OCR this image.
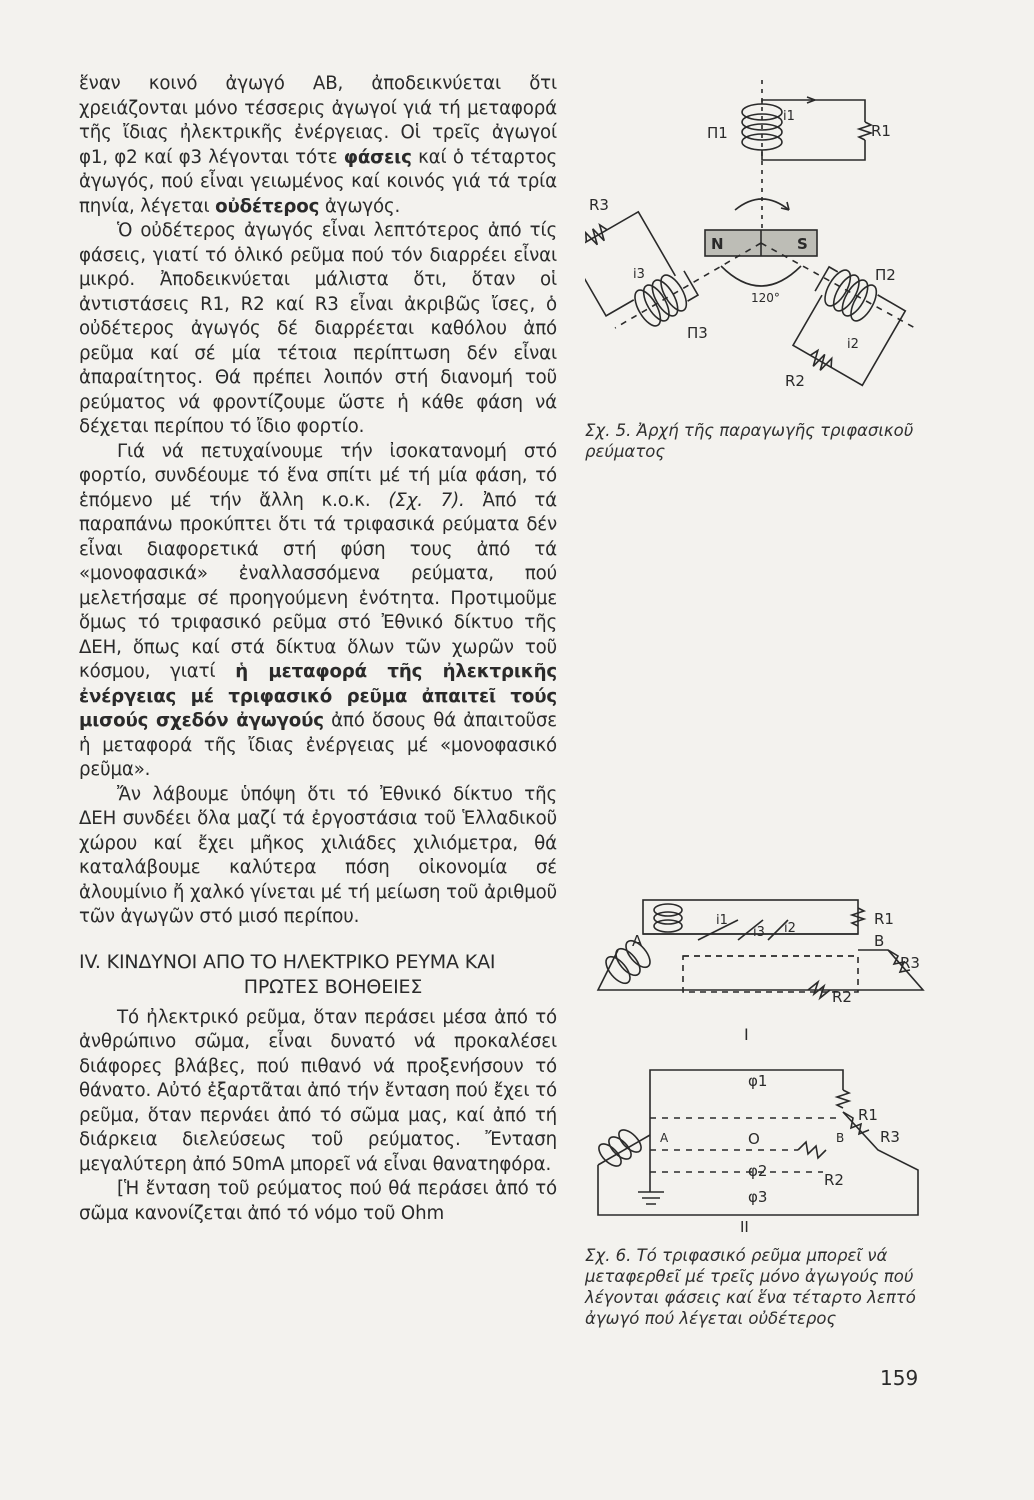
ἕναν κοινό ἀγωγό ΑΒ, ἀποδεικνύεται ὅτι χρειάζονται μόνο τέσσερις ἀγωγοί γιά τή μεταφορά τῆς ἴδιας ἠλεκτρικῆς ἐνέργειας. Οἱ τρεῖς ἀγωγοί φ1, φ2 καί φ3 λέγονται τότε φάσεις καί ὁ τέταρτος ἀγωγός, πού εἶναι γειωμένος καί κοινός γιά τά τρία πηνία, λέγεται οὐδέτερος ἀγωγός.

Ὁ οὐδέτερος ἀγωγός εἶναι λεπτότερος ἀπό τίς φάσεις, γιατί τό ὁλικό ρεῦμα πού τόν διαρρέει εἶναι μικρό. Ἀποδεικνύεται μάλιστα ὅτι, ὅταν οἱ ἀντιστάσεις R1, R2 καί R3 εἶναι ἀκριβῶς ἴσες, ὁ οὐδέτερος ἀγωγός δέ διαρρέεται καθόλου ἀπό ρεῦμα καί σέ μία τέτοια περίπτωση δέν εἶναι ἀπαραίτητος. Θά πρέπει λοιπόν στή διανομή τοῦ ρεύματος νά φροντίζουμε ὥστε ἡ κάθε φάση νά δέχεται περίπου τό ἴδιο φορτίο.

Γιά νά πετυχαίνουμε τήν ἰσοκατανομή στό φορτίο, συνδέουμε τό ἕνα σπίτι μέ τή μία φάση, τό ἑπόμενο μέ τήν ἄλλη κ.ο.κ. (Σχ. 7). Ἀπό τά παραπάνω προκύπτει ὅτι τά τριφασικά ρεύματα δέν εἶναι διαφορετικά στή φύση τους ἀπό τά «μονοφασικά» ἐναλλασσόμενα ρεύματα, πού μελετήσαμε σέ προηγούμενη ἑνότητα. Προτιμοῦμε ὅμως τό τριφασικό ρεῦμα στό Ἐθνικό δίκτυο τῆς ΔΕΗ, ὅπως καί στά δίκτυα ὅλων τῶν χωρῶν τοῦ κόσμου, γιατί ἡ μεταφορά τῆς ἠλεκτρικῆς ἐνέργειας μέ τριφασικό ρεῦμα ἀπαιτεῖ τούς μισούς σχεδόν ἀγωγούς ἀπό ὅσους θά ἀπαιτοῦσε ἡ μεταφορά τῆς ἴδιας ἐνέργειας μέ «μονοφασικό ρεῦμα».

Ἄν λάβουμε ὑπόψη ὅτι τό Ἐθνικό δίκτυο τῆς ΔΕΗ συνδέει ὅλα μαζί τά ἐργοστάσια τοῦ Ἑλλαδικοῦ χώρου καί ἔχει μῆκος χιλιάδες χιλιόμετρα, θά καταλάβουμε καλύτερα πόση οἰκονομία σέ ἀλουμίνιο ἤ χαλκό γίνεται μέ τή μείωση τοῦ ἀριθμοῦ τῶν ἀγωγῶν στό μισό περίπου.

IV. ΚΙΝΔΥΝΟΙ ΑΠΟ ΤΟ ΗΛΕΚΤΡΙΚΟ ΡΕΥΜΑ ΚΑΙ
ΠΡΩΤΕΣ ΒΟΗΘΕΙΕΣ

Τό ἠλεκτρικό ρεῦμα, ὅταν περάσει μέσα ἀπό τό ἀνθρώπινο σῶμα, εἶναι δυνατό νά προκαλέσει διάφορες βλάβες, πού πιθανό νά προξενήσουν τό θάνατο. Αὐτό ἐξαρτᾶται ἀπό τήν ἔνταση πού ἔχει τό ρεῦμα, ὅταν περνάει ἀπό τό σῶμα μας, καί ἀπό τή διάρκεια διελεύσεως τοῦ ρεύματος. Ἔνταση μεγαλύτερη ἀπό 50mA μπορεῖ νά εἶναι θανατηφόρα.

[Ἡ ἔνταση τοῦ ρεύματος πού θά περάσει ἀπό τό σῶμα κανονίζεται ἀπό τό νόμο τοῦ Ohm

Π1	R1
i1
R3
i3
Π3
Π2
i2
R2
N	S
120°
Σχ. 5. Ἀρχή τῆς παραγωγῆς τριφασικοῦ ρεύματος
A	B
R1
R3
R2
i1
i3 i2
I
φ1
O
φ2
φ3
A	B
R1
R3
R2
II
Σχ. 6. Τό τριφασικό ρεῦμα μπορεῖ νά μεταφερθεῖ μέ τρεῖς μόνο ἀγωγούς πού λέγονται φάσεις καί ἕνα τέταρτο λεπτό ἀγωγό πού λέγεται οὐδέτερος
159
